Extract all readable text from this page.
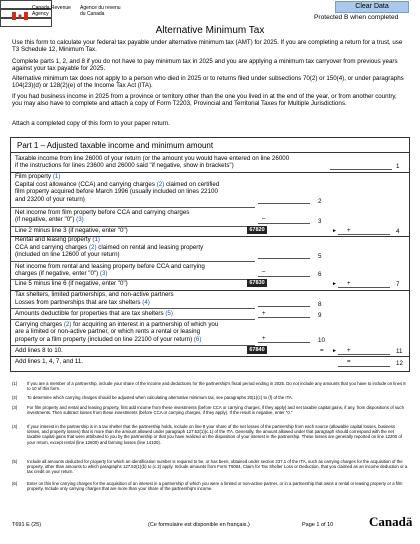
Canada Revenue
Agency
Agence du revenu
du Canada
Clear Data
Protected B when completed
Alternative Minimum Tax
Use this form to calculate your federal tax payable under alternative minimum tax (AMT) for 2025. If you are completing a return for a trust, use T3 Schedule 12, Minimum Tax.
Complete parts 1, 2, and 8 if you do not have to pay minimum tax in 2025 and you are applying a minimum tax carryover from previous years against your tax payable for 2025.
Alternative minimum tax does not apply to a person who died in 2025 or to returns filed under subsections 70(2) or 150(4), or under paragraphs 104(23)(d) or 128(2)(e) of the Income Tax Act (ITA).
If you had business income in 2025 from a province or territory other than the one you lived in at the end of the year, or from another country, you may also have to complete and attach a copy of Form T2203, Provincial and Territorial Taxes for Multiple Jurisdictions.
Attach a completed copy of this form to your paper return.
Part 1 – Adjusted taxable income and minimum amount
Taxable income from line 26000 of your return (or the amount you would have entered on line 26000
if the instructions for lines 23600 and 26000 said "if negative, show in brackets")	1
Film property (1)
Capital cost allowance (CCA) and carrying charges (2) claimed on certified
film property acquired before March 1996 (usually included on lines 22100
and 23200 of your return)	2
Net income from film property before CCA and carrying charges
(if negative, enter "0") (3)	–	3
Line 2 minus line 3 (if negative, enter "0")	67820	► +	4
Rental and leasing property (1)
CCA and carrying charges (2) claimed on rental and leasing property
(included on line 12600 of your return)	5
Net income from rental and leasing property before CCA and carrying
charges (if negative, enter "0") (3)	–	6
Line 5 minus line 6 (if negative, enter "0")	67830	► +	7
Tax shelters, limited partnerships, and non-active partners
Losses from partnerships that are tax shelters (4)	8
Amounts deductible for properties that are tax shelters (5)	+	9
Carrying charges (2) for acquiring an interest in a partnership of which you
are a limited or non-active partner, or which rents a rental or leasing
property or a film property (included on line 22100 of your return) (6)	+	10
Add lines 8 to 10.	67840	= ► +	11
Add lines 1, 4, 7, and 11.	=	12
(1) If you are a member of a partnership, include your share of the income and deductions for the partnership's fiscal period ending in 2025. Do not include any amounts that you have to include on lines 8 to 10 of this form.
(2) To determine which carrying charges should be adjusted when calculating alternative minimum tax, see paragraphs 20(1)(c) to (f) of the ITA.
(3) For film property and rental and leasing property, first add income from these investments (before CCA or carrying charges, if they apply) and net taxable capital gains, if any, from dispositions of such investments. Then subtract losses from these investments (before CCA or carrying charges, if they apply). If the result is negative, enter "0."
(4) If your interest in the partnership is in a tax shelter that the partnership holds, include on line 8 your share of the net losses of the partnership from each source (allowable capital losses, business losses, and property losses) that is more than the amount allowed under paragraph 127.52(1)(c.1) of the ITA. Generally, the amount allowed under that paragraph should correspond with the net taxable capital gains that were attributed to you by the partnership or that you have realized on the disposition of your interest in the partnership. These losses are generally reported on line 12200 of your return, except rental (line 12600) and farming losses (line 14100).
(5) Include all amounts deducted for property for which an identification number is required to be, or has been, obtained under section 237.1 of the ITA, such as carrying charges for the acquisition of the property, other than amounts to which paragraphs 127.52(1)(b) to (c.2) apply. Include amounts from Form T5004, Claim for Tax Shelter Loss or Deduction, that you claimed as an income deduction or a tax credit on your return.
(6) Enter on this line carrying charges for the acquisition of an interest in a partnership of which you were a limited or non-active partner, or in a partnership that owns a rental or leasing property or a film property. Include only carrying charges that are more than your share of the partnership's income.
T691 E (25)	(Ce formulaire est disponible en français.)	Page 1 of 10	Canadä
